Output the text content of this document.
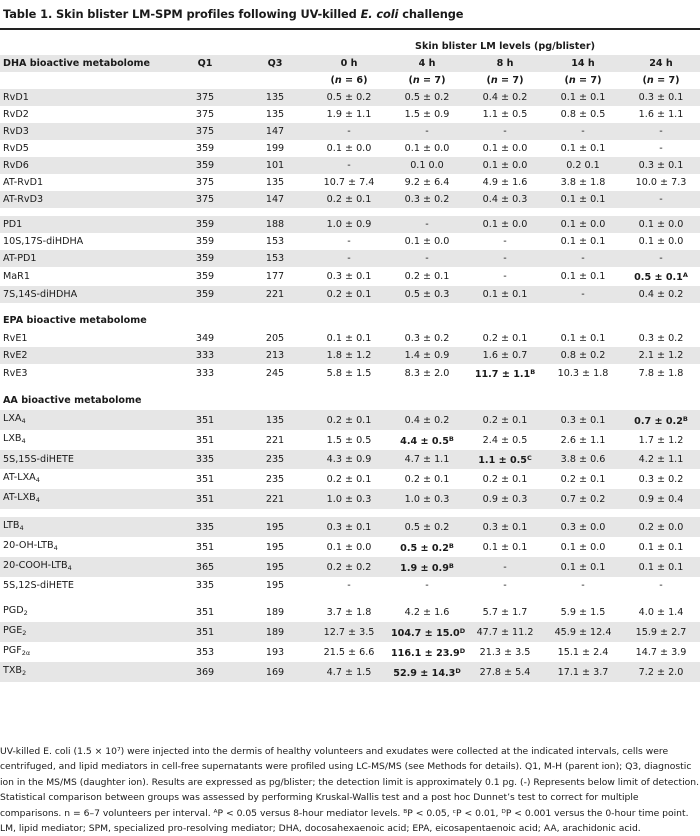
Table 1. Skin blister LM-SPM profiles following UV-killed E. coli challenge
			Skin blister LM levels (pg/blister)				
DHA bioactive metabolome	Q1	Q3	0 h	4 h	8 h	14 h	24 h
			(n = 6)	(n = 7)	(n = 7)	(n = 7)	(n = 7)
RvD1	375	135	0.5 ± 0.2	0.5 ± 0.2	0.4 ± 0.2	0.1 ± 0.1	0.3 ± 0.1
RvD2	375	135	1.9 ± 1.1	1.5 ± 0.9	1.1 ± 0.5	0.8 ± 0.5	1.6 ± 1.1
RvD3	375	147	-	-	-	-	-
RvD5	359	199	0.1 ± 0.0	0.1 ± 0.0	0.1 ± 0.0	0.1 ± 0.1	-
RvD6	359	101	-	0.1 0.0	0.1 ± 0.0	0.2 0.1	0.3 ± 0.1
AT-RvD1	375	135	10.7 ± 7.4	9.2 ± 6.4	4.9 ± 1.6	3.8 ± 1.8	10.0 ± 7.3
AT-RvD3	375	147	0.2 ± 0.1	0.3 ± 0.2	0.4 ± 0.3	0.1 ± 0.1	-

PD1	359	188	1.0 ± 0.9	-	0.1 ± 0.0	0.1 ± 0.0	0.1 ± 0.0
10S,17S-diHDHA	359	153	-	0.1 ± 0.0	-	0.1 ± 0.1	0.1 ± 0.0
AT-PD1	359	153	-	-	-	-	-
MaR1	359	177	0.3 ± 0.1	0.2 ± 0.1	-	0.1 ± 0.1	$0.5 \pm 0.1^A$
7S,14S-diHDHA	359	221	0.2 ± 0.1	0.5 ± 0.3	0.1 ± 0.1	-	0.4 ± 0.2

EPA bioactive metabolome							
RvE1	349	205	0.1 ± 0.1	0.3 ± 0.2	0.2 ± 0.1	0.1 ± 0.1	0.3 ± 0.2
RvE2	333	213	1.8 ± 1.2	1.4 ± 0.9	1.6 ± 0.7	0.8 ± 0.2	2.1 ± 1.2
RvE3	333	245	5.8 ± 1.5	8.3 ± 2.0	$11.7 \pm 1.1^B$	10.3 ± 1.8	7.8 ± 1.8

AA bioactive metabolome							
$LXA_4$	351	135	0.2 ± 0.1	0.4 ± 0.2	0.2 ± 0.1	0.3 ± 0.1	$0.7 \pm 0.2^B$
$LXB_4$	351	221	1.5 ± 0.5	$4.4 \pm 0.5^B$	2.4 ± 0.5	2.6 ± 1.1	1.7 ± 1.2
5S,15S-diHETE	335	235	4.3 ± 0.9	4.7 ± 1.1	$1.1 \pm 0.5^C$	3.8 ± 0.6	4.2 ± 1.1
$AT-LXA_4$	351	235	0.2 ± 0.1	0.2 ± 0.1	0.2 ± 0.1	0.2 ± 0.1	0.3 ± 0.2
$AT-LXB_4$	351	221	1.0 ± 0.3	1.0 ± 0.3	0.9 ± 0.3	0.7 ± 0.2	0.9 ± 0.4

$LTB_4$	335	195	0.3 ± 0.1	0.5 ± 0.2	0.3 ± 0.1	0.3 ± 0.0	0.2 ± 0.0
$20-OH-LTB_4$	351	195	0.1 ± 0.0	$0.5 \pm 0.2^B$	0.1 ± 0.1	0.1 ± 0.0	0.1 ± 0.1
$20-COOH-LTB_4$	365	195	0.2 ± 0.2	$1.9 \pm 0.9^B$	-	0.1 ± 0.1	0.1 ± 0.1
5S,12S-diHETE	335	195	-	-	-	-	-

$PGD_2$	351	189	3.7 ± 1.8	4.2 ± 1.6	5.7 ± 1.7	5.9 ± 1.5	4.0 ± 1.4
$PGE_2$	351	189	12.7 ± 3.5	$104.7 \pm 15.0^D$	47.7 ± 11.2	45.9 ± 12.4	15.9 ± 2.7
$PGF_{2\alpha}$	353	193	21.5 ± 6.6	$116.1 \pm 23.9^D$	21.3 ± 3.5	15.1 ± 2.4	14.7 ± 3.9
$TXB_2$	369	169	4.7 ± 1.5	$52.9 \pm 14.3^D$	27.8 ± 5.4	17.1 ± 3.7	7.2 ± 2.0

UV-killed E. coli (1.5 × 10⁷) were injected into the dermis of healthy volunteers and exudates were collected at the indicated intervals, cells were centrifuged, and lipid mediators in cell-free supernatants were profiled using LC-MS/MS (see Methods for details). Q1, M-H (parent ion); Q3, diagnostic ion in the MS/MS (daughter ion). Results are expressed as pg/blister; the detection limit is approximately 0.1 pg. (-) Represents below limit of detection. Statistical comparison between groups was assessed by performing Kruskal-Wallis test and a post hoc Dunnet’s test to correct for multiple comparisons. n = 6–7 volunteers per interval. ᴬP < 0.05 versus 8-hour mediator levels. ᴮP < 0.05, ᶜP < 0.01, ᴰP < 0.001 versus the 0-hour time point. LM, lipid mediator; SPM, specialized pro-resolving mediator; DHA, docosahexaenoic acid; EPA, eicosapentaenoic acid; AA, arachidonic acid.
